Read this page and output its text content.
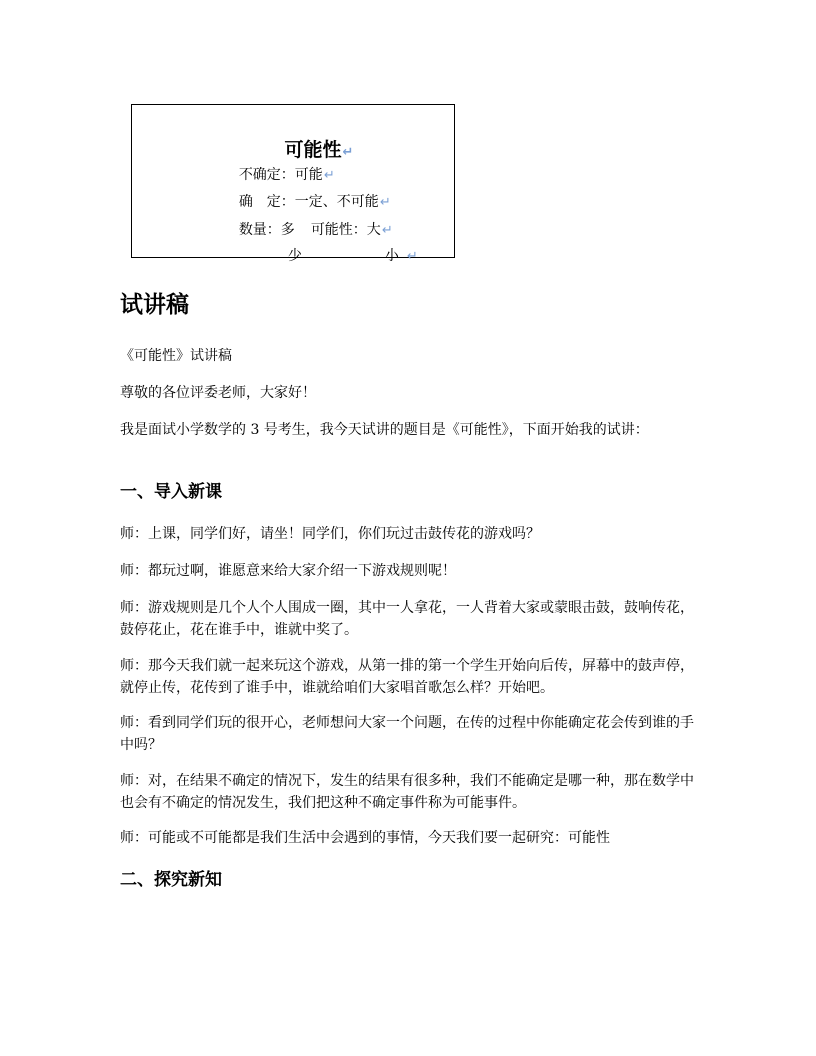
可能性↵

不确定：可能↵

确　定：一定、不可能↵

数量：多 可能性：大↵

少
	小 ↵

试讲稿

《可能性》试讲稿

尊敬的各位评委老师，大家好！

我是面试小学数学的 3 号考生，我今天试讲的题目是《可能性》，下面开始我的试讲：

一、导入新课

师：上课，同学们好，请坐！同学们，你们玩过击鼓传花的游戏吗？

师：都玩过啊，谁愿意来给大家介绍一下游戏规则呢！

师：游戏规则是几个人个人围成一圈，其中一人拿花，一人背着大家或蒙眼击鼓，鼓响传花，鼓停花止，花在谁手中，谁就中奖了。

师：那今天我们就一起来玩这个游戏，从第一排的第一个学生开始向后传，屏幕中的鼓声停，就停止传，花传到了谁手中，谁就给咱们大家唱首歌怎么样？开始吧。

师：看到同学们玩的很开心，老师想问大家一个问题，在传的过程中你能确定花会传到谁的手中吗？

师：对，在结果不确定的情况下，发生的结果有很多种，我们不能确定是哪一种，那在数学中也会有不确定的情况发生，我们把这种不确定事件称为可能事件。

师：可能或不可能都是我们生活中会遇到的事情，今天我们要一起研究：可能性

二、探究新知
